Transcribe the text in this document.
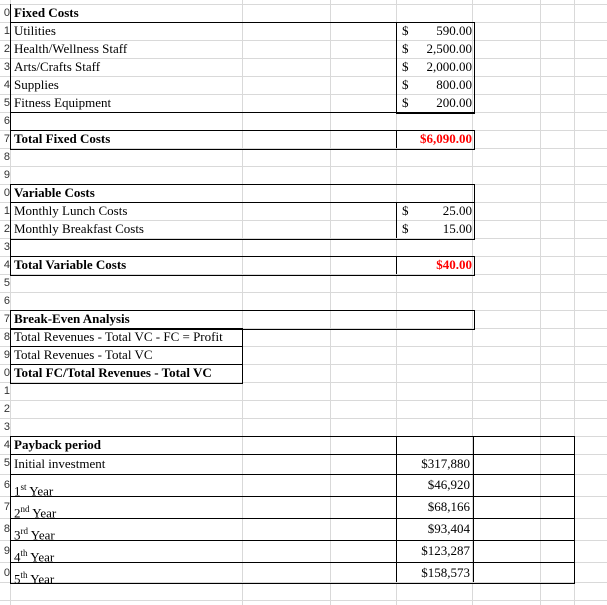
0
1
2
3
4
5
6
7
8
9
0
1
2
3
4
5
6
7
8
9
0
1
2
3
4
5
6
7
8
9
0
Fixed Costs
Utilities	$ 590.00
Health/Wellness Staff	$ 2,500.00
Arts/Crafts Staff	$ 2,000.00
Supplies	$ 800.00
Fitness Equipment	$ 200.00
Total Fixed Costs	$6,090.00
Variable Costs
Monthly Lunch Costs	$	25.00
Monthly Breakfast Costs	$	15.00
Total Variable Costs	$40.00
Break-Even Analysis
Total Revenues - Total VC - FC = Profit
Total Revenues - Total VC
Total FC/Total Revenues - Total VC
Payback period
Initial investment	$317,880
1st Year	$46,920
2nd Year	$68,166
3rd Year	$93,404
4th Year	$123,287
5th Year	$158,573
